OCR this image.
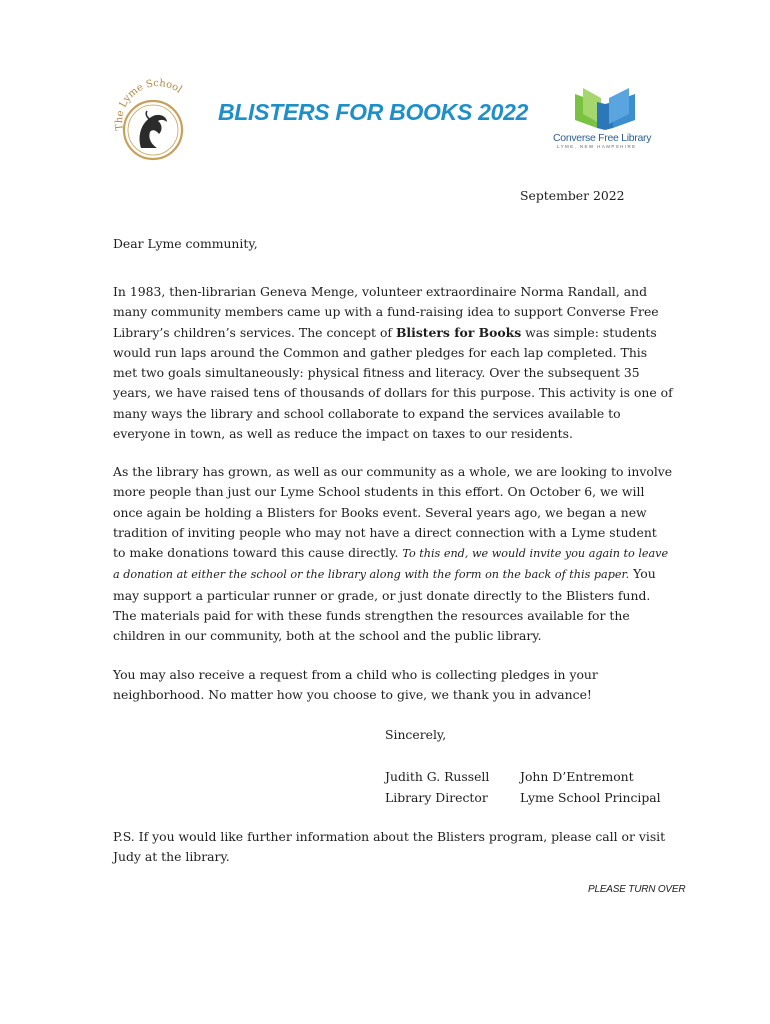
The Lyme School
BLISTERS FOR BOOKS 2022
Converse Free Library
LYME, NEW HAMPSHIRE
September 2022
Dear Lyme community,

In 1983, then-librarian Geneva Menge, volunteer extraordinaire Norma Randall, and many community members came up with a fund-raising idea to support Converse Free Library’s children’s services. The concept of Blisters for Books was simple: students would run laps around the Common and gather pledges for each lap completed. This met two goals simultaneously: physical fitness and literacy. Over the subsequent 35 years, we have raised tens of thousands of dollars for this purpose. This activity is one of many ways the library and school collaborate to expand the services available to everyone in town, as well as reduce the impact on taxes to our residents.

As the library has grown, as well as our community as a whole, we are looking to involve more people than just our Lyme School students in this effort. On October 6, we will once again be holding a Blisters for Books event. Several years ago, we began a new tradition of inviting people who may not have a direct connection with a Lyme student to make donations toward this cause directly. To this end, we would invite you again to leave a donation at either the school or the library along with the form on the back of this paper. You may support a particular runner or grade, or just donate directly to the Blisters fund.

The materials paid for with these funds strengthen the resources available for the children in our community, both at the school and the public library.

You may also receive a request from a child who is collecting pledges in your neighborhood. No matter how you choose to give, we thank you in advance!
Sincerely,
Judith G. Russell
Library Director
John D’Entremont
Lyme School Principal
P.S. If you would like further information about the Blisters program, please call or visit Judy at the library.
PLEASE TURN OVER
